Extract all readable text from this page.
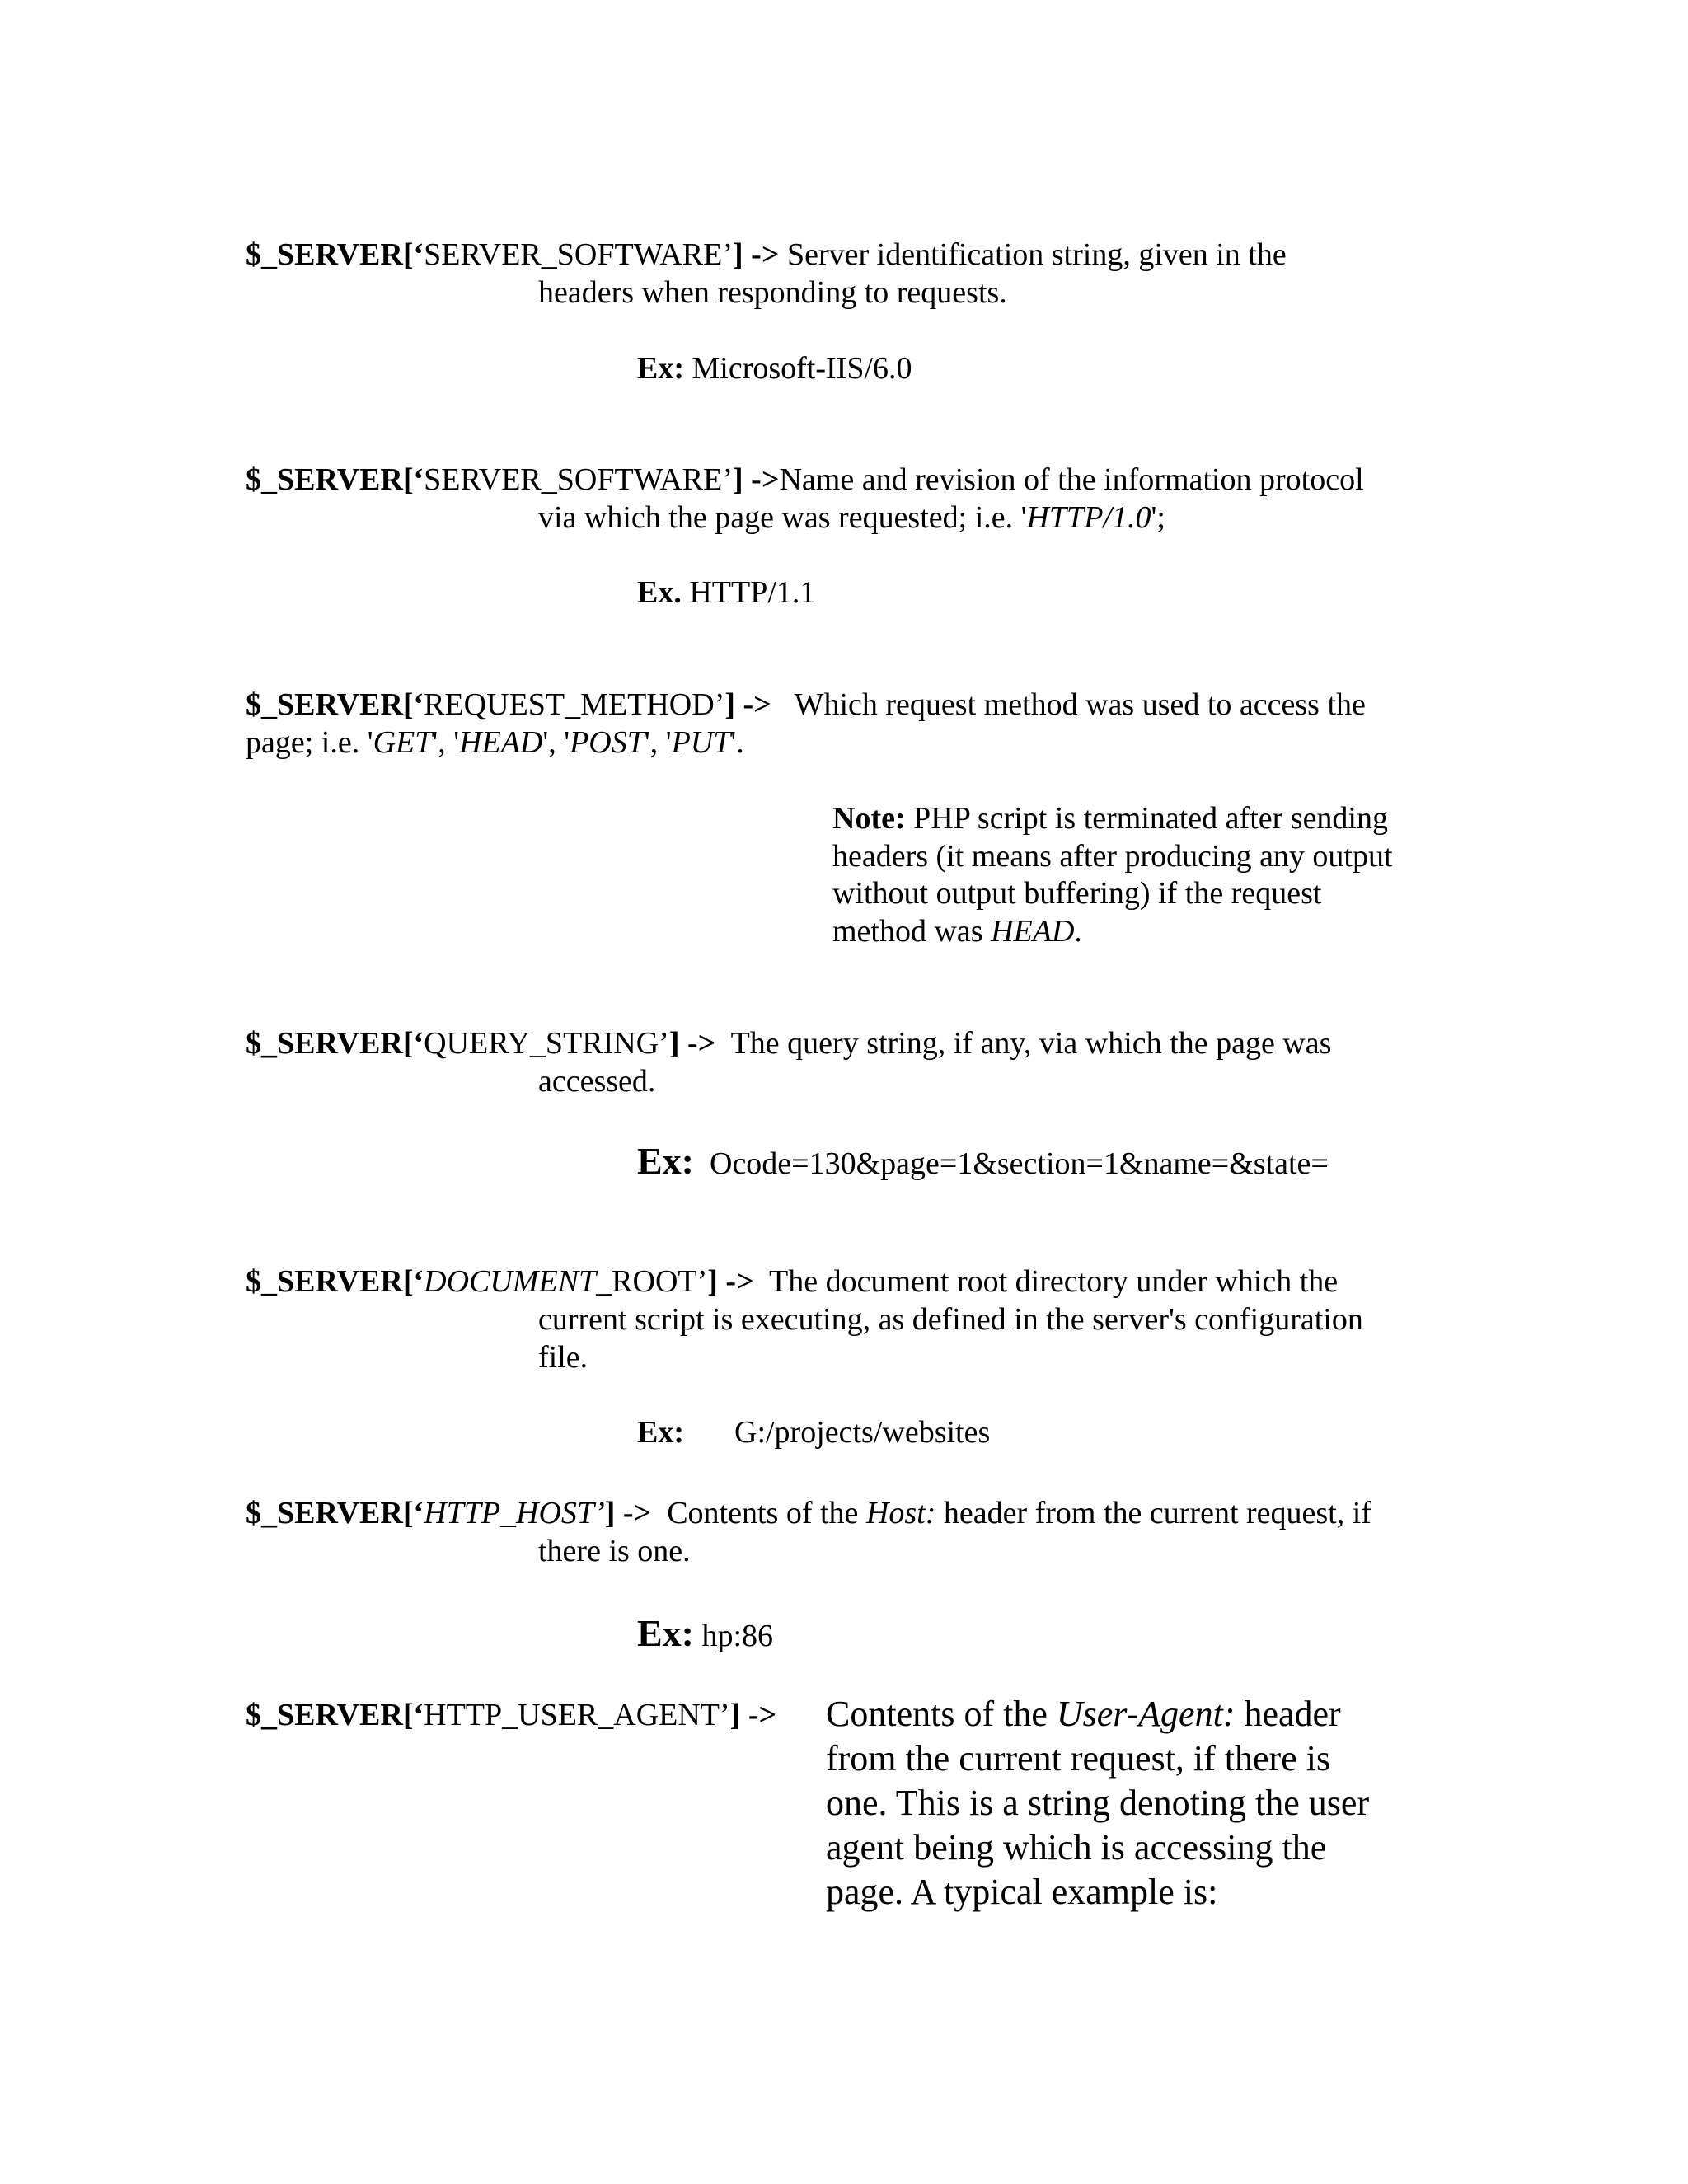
$_SERVER[‘SERVER_SOFTWARE’] -> Server identification string, given in the
headers when responding to requests.
Ex: Microsoft-IIS/6.0
$_SERVER[‘SERVER_SOFTWARE’] ->Name and revision of the information protocol
via which the page was requested; i.e. 'HTTP/1.0';
Ex. HTTP/1.1
$_SERVER[‘REQUEST_METHOD’] ->   Which request method was used to access the
page; i.e. 'GET', 'HEAD', 'POST', 'PUT'.
Note: PHP script is terminated after sending
headers (it means after producing any output
without output buffering) if the request
method was HEAD.
$_SERVER[‘QUERY_STRING’] ->  The query string, if any, via which the page was
accessed.
Ex:  Ocode=130&page=1&section=1&name=&state=
$_SERVER[‘DOCUMENT_ROOT’] ->  The document root directory under which the
current script is executing, as defined in the server's configuration
file.
Ex: G:/projects/websites
$_SERVER[‘HTTP_HOST’] ->  Contents of the Host: header from the current request, if
there is one.
Ex: hp:86
$_SERVER[‘HTTP_USER_AGENT’] -> Contents of the User-Agent: header
from the current request, if there is
one. This is a string denoting the user
agent being which is accessing the
page. A typical example is:
